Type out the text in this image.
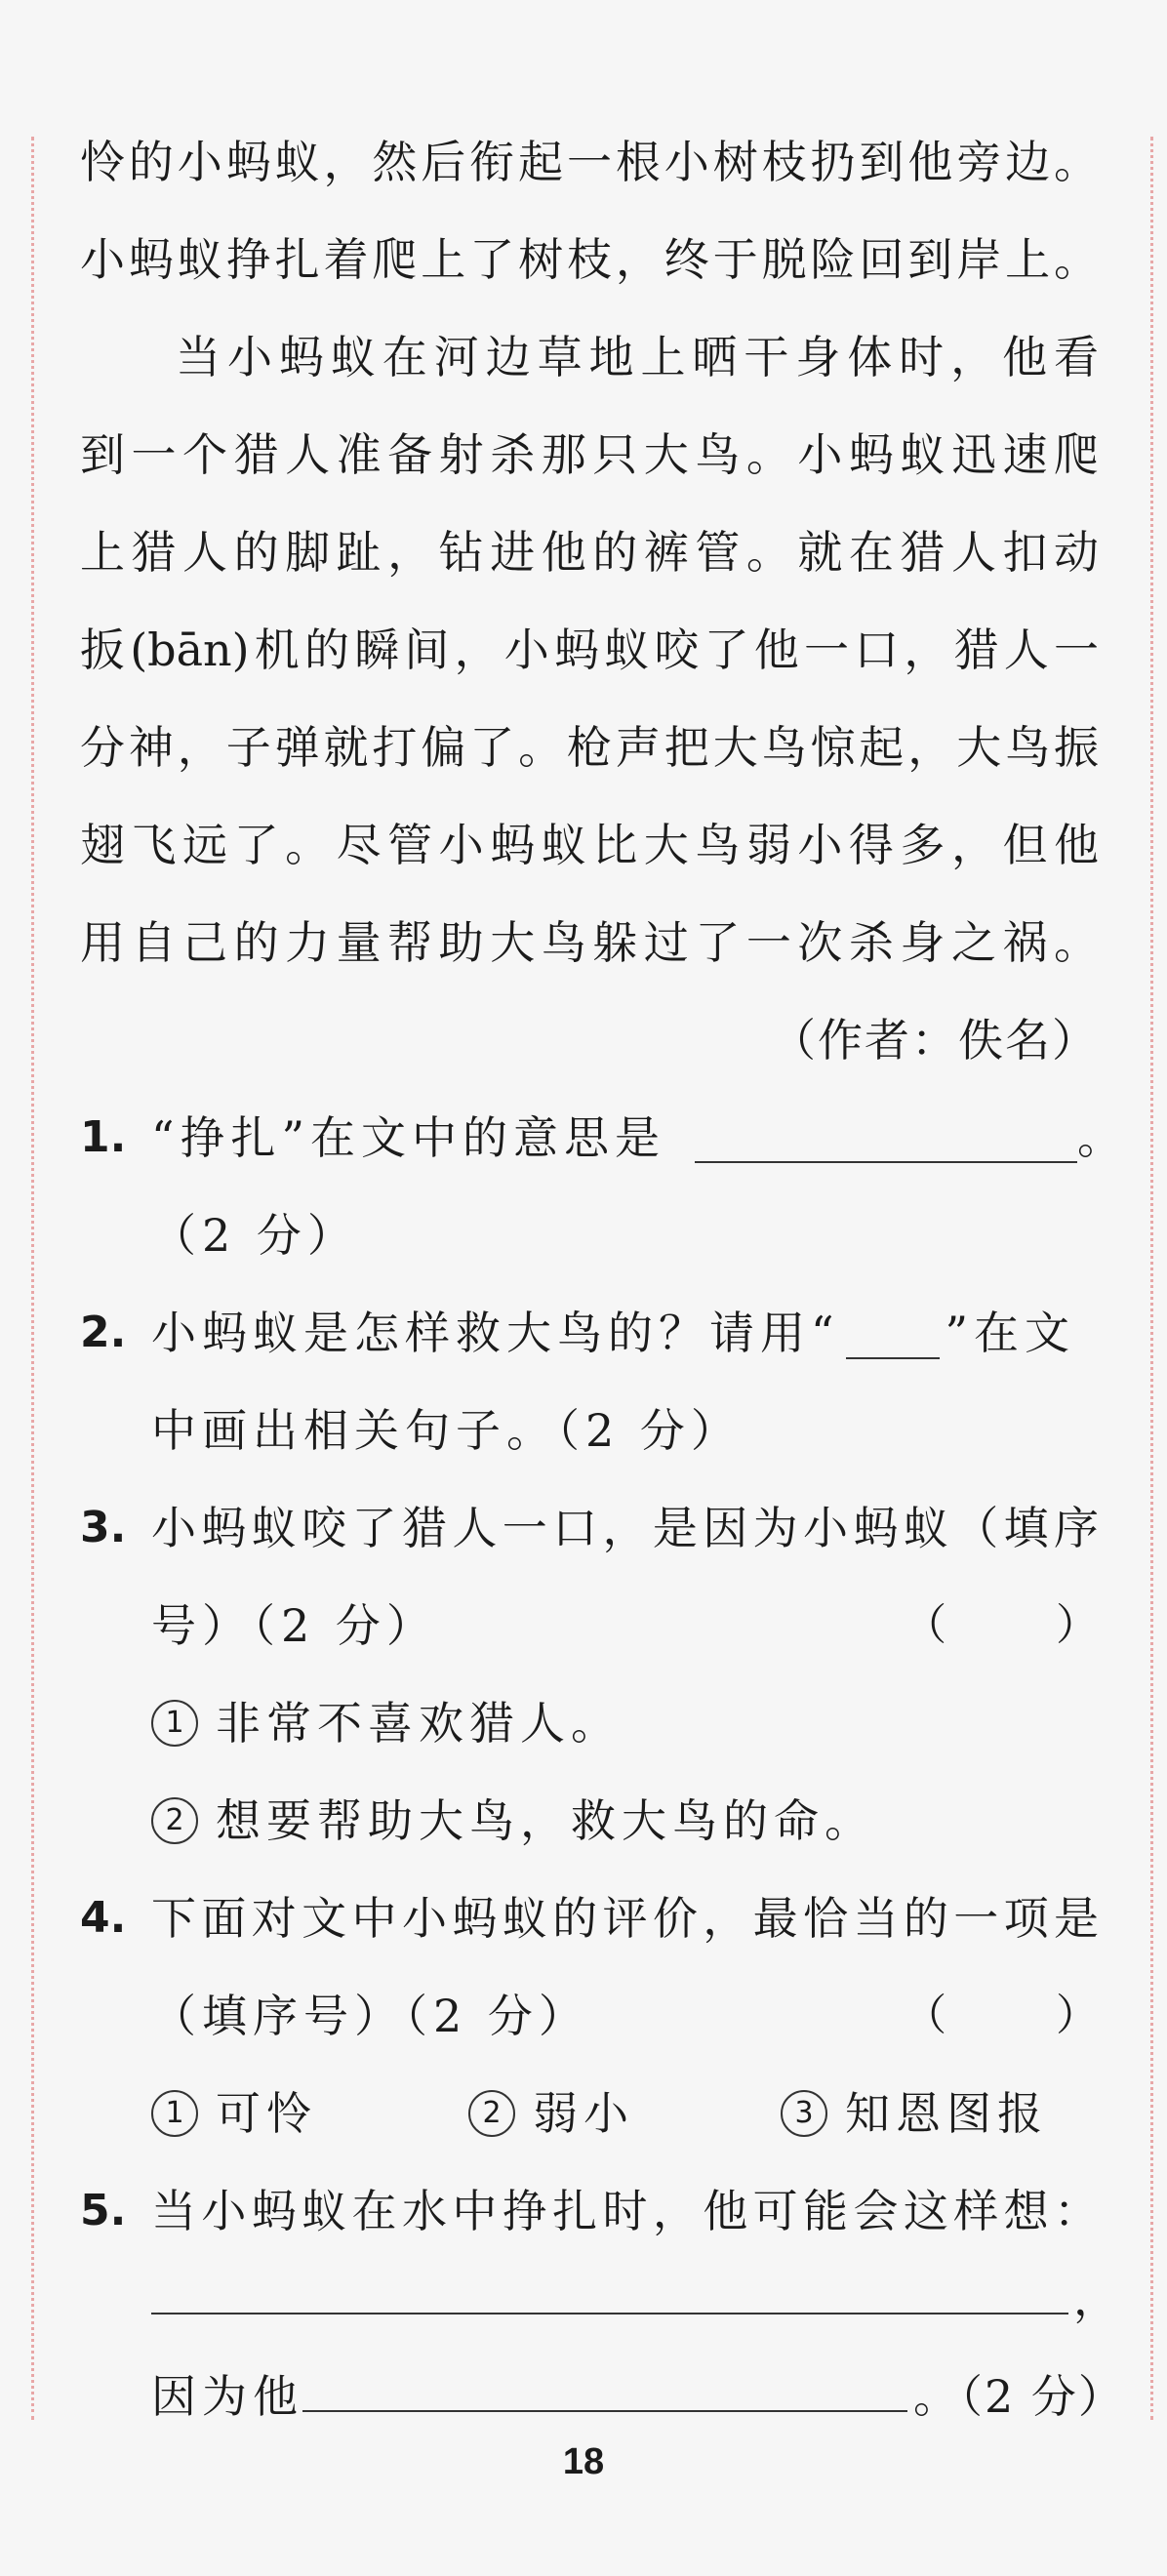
怜的小蚂蚁，然后衔起一根小树枝扔到他旁边。
小蚂蚁挣扎着爬上了树枝，终于脱险回到岸上。
当小蚂蚁在河边草地上晒干身体时，他看
到一个猎人准备射杀那只大鸟。小蚂蚁迅速爬
上猎人的脚趾，钻进他的裤管。就在猎人扣动
扳(bān)机的瞬间，小蚂蚁咬了他一口，猎人一
分神，子弹就打偏了。枪声把大鸟惊起，大鸟振
翅飞远了。尽管小蚂蚁比大鸟弱小得多，但他
用自己的力量帮助大鸟躲过了一次杀身之祸。
（作者：佚名）
1. “挣扎”在文中的意思是	。
（2 分）
2. 小蚂蚁是怎样救大鸟的？请用“ ”在文
中画出相关句子。（2 分）
3. 小蚂蚁咬了猎人一口，是因为小蚂蚁（填序
号）（2 分）	（        ）
1 非常不喜欢猎人。
2 想要帮助大鸟，救大鸟的命。
4. 下面对文中小蚂蚁的评价，最恰当的一项是
（填序号）（2 分）	（        ）
1 可怜	2 弱小	3 知恩图报
5. 当小蚂蚁在水中挣扎时，他可能会这样想：
，
因为他	。（2 分）
18
